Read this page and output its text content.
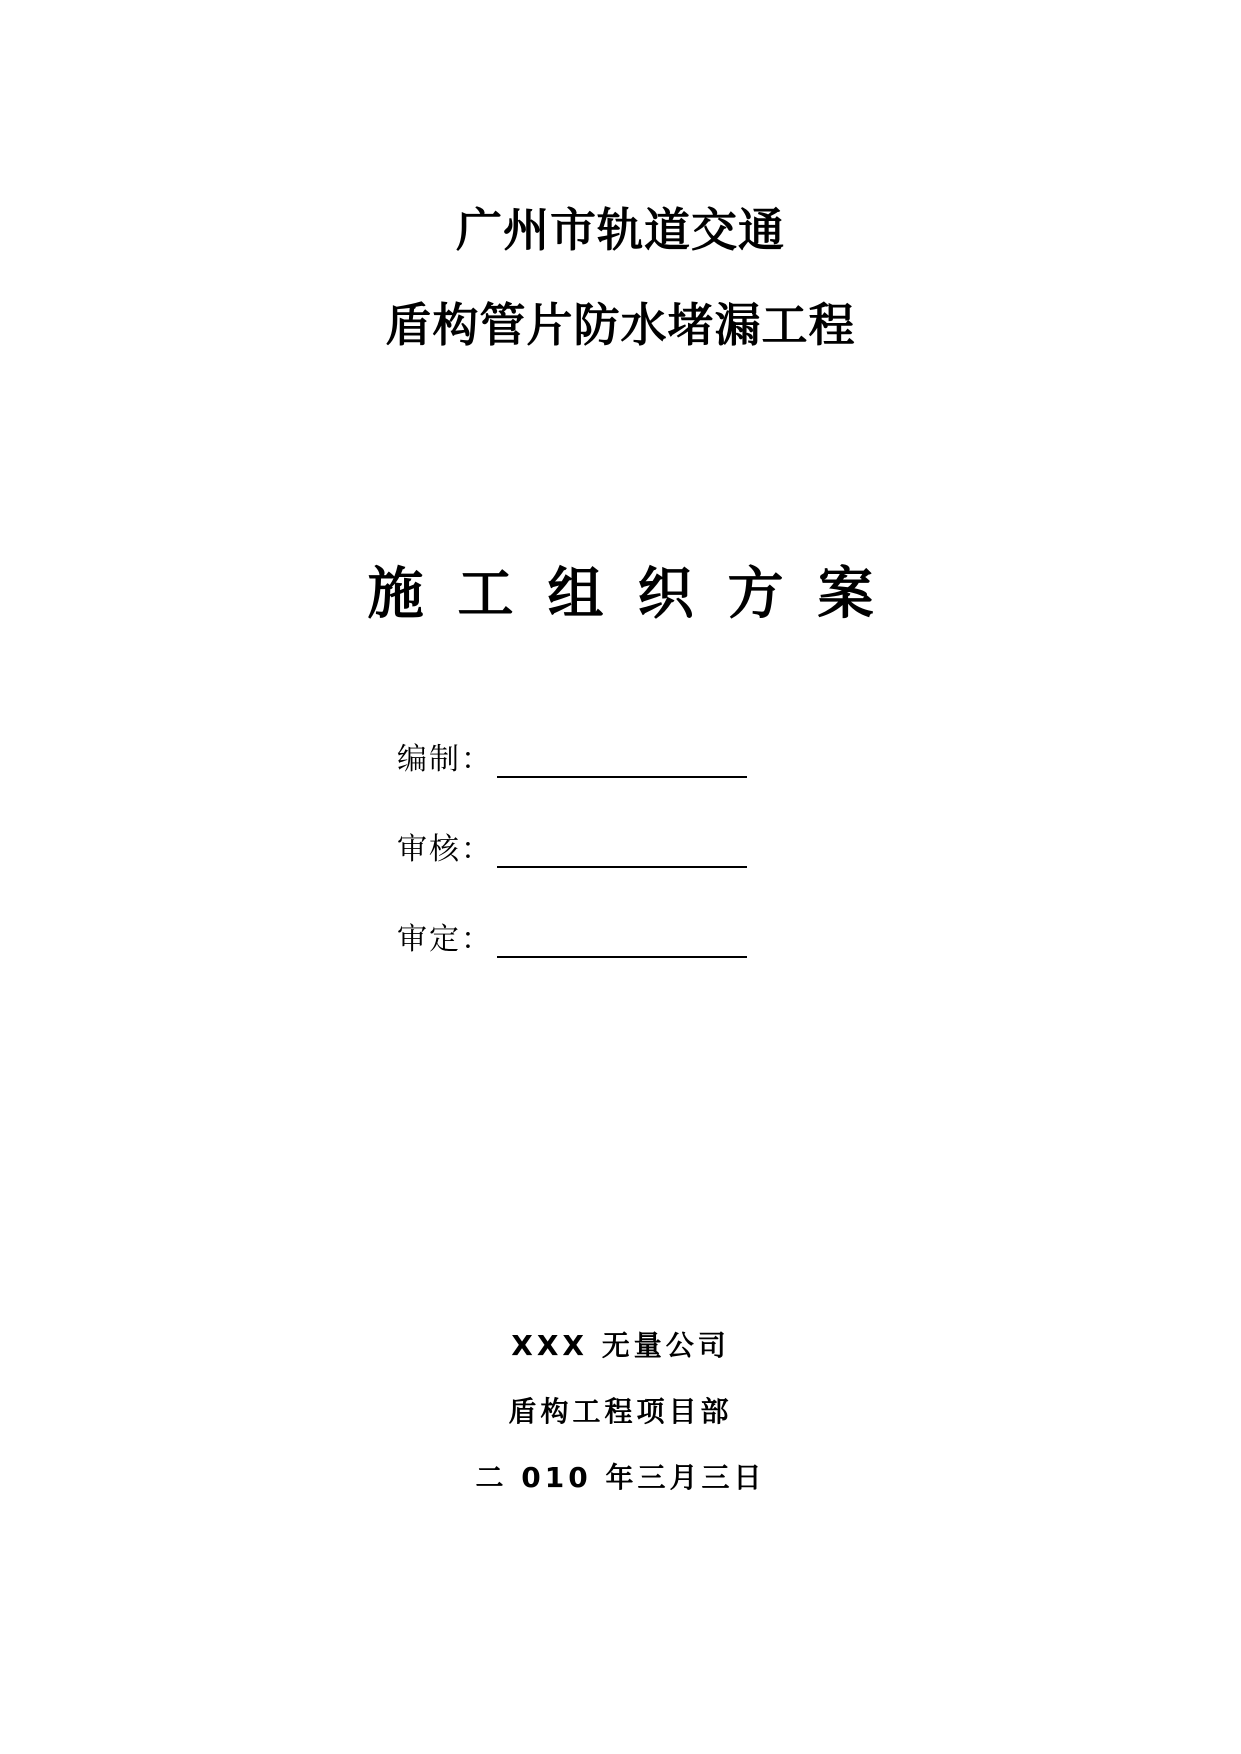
广州市轨道交通
盾构管片防水堵漏工程
施工组织方案
编制：
审核：
审定：
XXX 无量公司
盾构工程项目部
二 010 年三月三日
